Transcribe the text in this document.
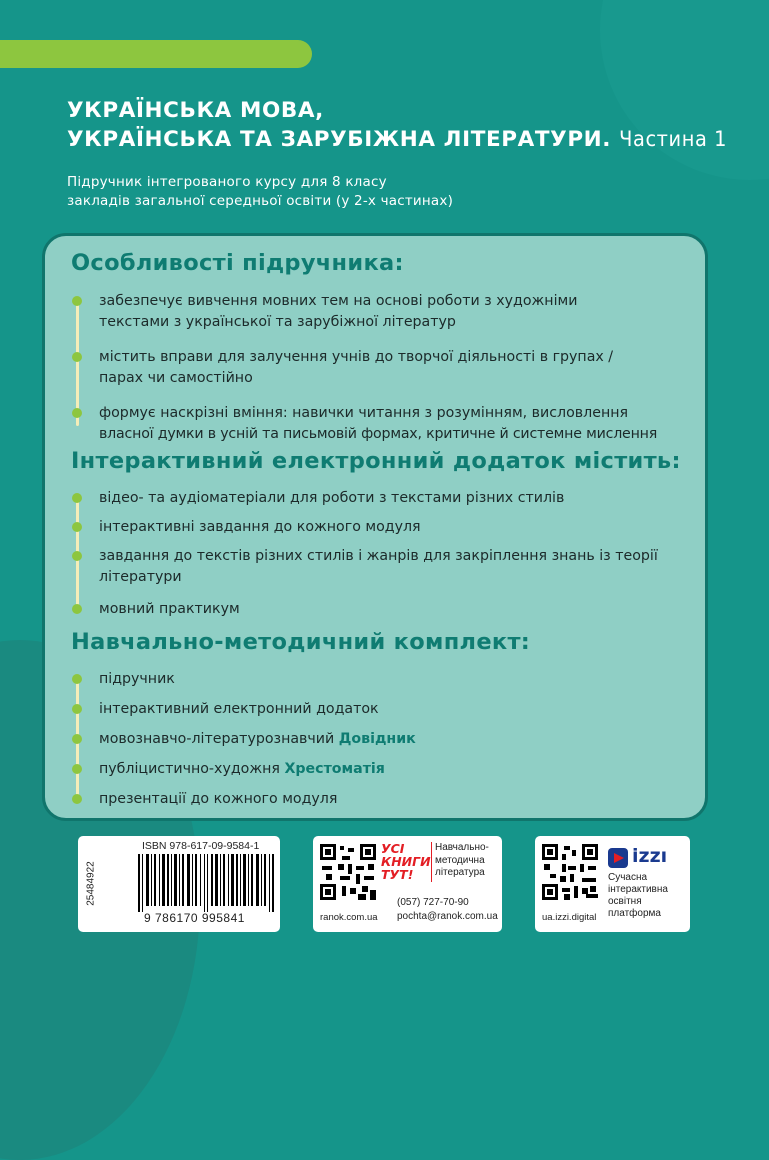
УКРАЇНСЬКА МОВА,
УКРАЇНСЬКА ТА ЗАРУБІЖНА ЛІТЕРАТУРИ. Частина 1
Підручник інтегрованого курсу для 8 класу
закладів загальної середньої освіти (у 2-х частинах)
Особливості підручника:
забезпечує вивчення мовних тем на основі роботи з художніми
текстами з української та зарубіжної літератур
містить вправи для залучення учнів до творчої діяльності в групах /
парах чи самостійно
формує наскрізні вміння: навички читання з розумінням, висловлення
власної думки в усній та письмовій формах, критичне й системне мислення
Інтерактивний електронний додаток містить:
відео- та аудіоматеріали для роботи з текстами різних стилів
інтерактивні завдання до кожного модуля
завдання до текстів різних стилів і жанрів для закріплення знань із теорії
літератури
мовний практикум
Навчально-методичний комплект:
підручник
інтерактивний електронний додаток
мовознавчо-літературознавчий Довідник
публіцистично-художня Хрестоматія
презентації до кожного модуля
25484922
ISBN 978-617-09-9584-1
9 786170 995841
УСІ
КНИГИ
ТУТ!
Навчально-
методична
література
ranok.com.ua
(057) 727-70-90
pochta@ranok.com.ua
izzı
Сучасна
інтерактивна
освітня
платформа
ua.izzi.digital
